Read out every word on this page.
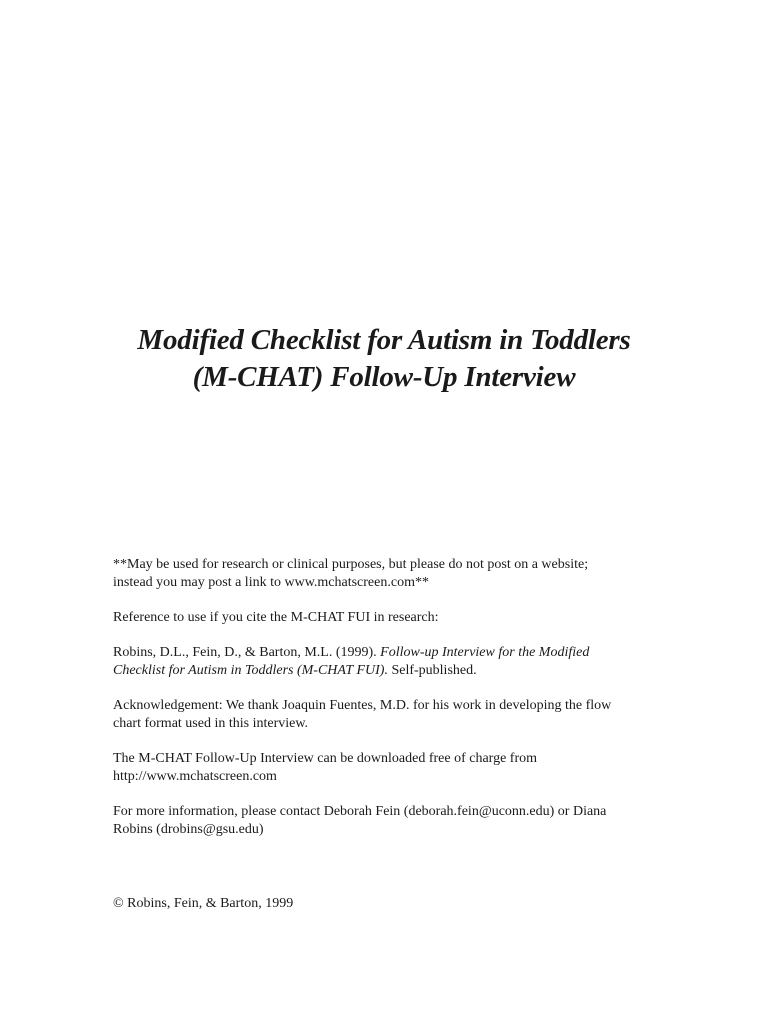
Modified Checklist for Autism in Toddlers
(M-CHAT) Follow-Up Interview

**May be used for research or clinical purposes, but please do not post on a website;
instead you may post a link to www.mchatscreen.com**

Reference to use if you cite the M-CHAT FUI in research:

Robins, D.L., Fein, D., & Barton, M.L. (1999). Follow-up Interview for the Modified
Checklist for Autism in Toddlers (M-CHAT FUI). Self-published.

Acknowledgement: We thank Joaquin Fuentes, M.D. for his work in developing the flow
chart format used in this interview.

The M-CHAT Follow-Up Interview can be downloaded free of charge from
http://www.mchatscreen.com

For more information, please contact Deborah Fein (deborah.fein@uconn.edu) or Diana
Robins (drobins@gsu.edu)

© Robins, Fein, & Barton, 1999
